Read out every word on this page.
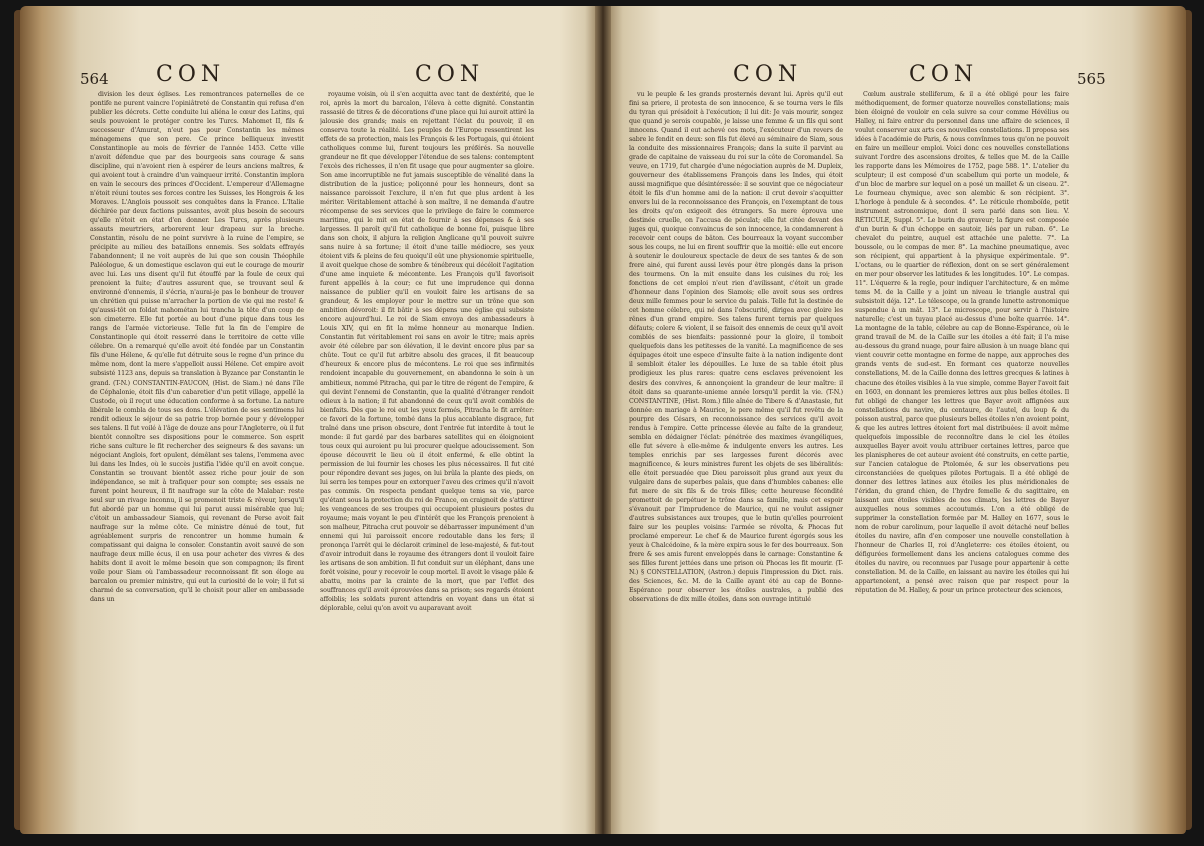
564 CON	CON

division les deux églises. Les remontrances paternelles de ce pontife ne purent vaincre l'opiniâtreté de Constantin qui refusa d'en publier les décrets. Cette conduite lui aliéna le cœur des Latins, qui seuls pouvoient le protéger contre les Turcs. Mahomet II, fils & successeur d'Amurat, n'eut pas pour Constantin les mêmes ménagemens que son pere. Ce prince belliqueux investit Constantinople au mois de février de l'année 1453. Cette ville n'avoit défendue que par des bourgeois sans courage & sans discipline, qui n'avoient rien à espérer de leurs anciens maîtres, & qui avoient tout à craindre d'un vainqueur irrité. Constantin implora en vain le secours des princes d'Occident. L'empereur d'Allemagne n'étoit réuni toutes ses forces contre les Suisses, les Hongrois & les Moraves. L'Anglois poussoit ses conquêtes dans la France. L'Italie déchirée par deux factions puissantes, avoit plus besoin de secours qu'elle n'étoit en état d'en donner. Les Turcs, après plusieurs assauts meurtriers, arborerent leur drapeau sur la breche. Constantin, résolu de ne point survivre à la ruine de l'empire, se précipite au milieu des bataillons ennemis. Ses soldats effrayés l'abandonnent; il ne voit auprès de lui que son cousin Théophile Paléologue, & un domestique esclavon qui eut le courage de mourir avec lui. Les uns disent qu'il fut étouffé par la foule de ceux qui prenoient la fuite; d'autres assurent que, se trouvant seul & environné d'ennemis, il s'écria, n'aurai-je pas le bonheur de trouver un chrétien qui puisse m'arracher la portion de vie qui me reste! & qu'aussi-tôt on foldat mahométan lui trancha la tête d'un coup de son cimeterre. Elle fut portée au bout d'une pique dans tous les rangs de l'armée victorieuse. Telle fut la fin de l'empire de Constantinople qui étoit resserré dans le territoire de cette ville célebre. On a remarqué qu'elle avoit été fondée par un Constantin fils d'une Hélene, & qu'elle fut détruite sous le regne d'un prince du même nom, dont la mere s'appelloit aussi Hélene. Cet empire avoit subsisté 1123 ans, depuis sa translation à Byzance par Constantin le grand. (T-N.) CONSTANTIN-FAUCON, (Hist. de Siam.) né dans l'île de Céphalonie, étoit fils d'un cabaretier d'un petit village, appellé la Custode, où il reçut une éducation conforme à sa fortune. La nature libérale le combla de tous ses dons. L'élévation de ses sentimens lui rendit odieux le séjour de sa patrie trop bornée pour y développer ses talens. Il fut voilé à l'âge de douze ans pour l'Angleterre, où il fut bientôt connoître ses dispositions pour le commerce. Son esprit riche sans culture le fit rechercher des seigneurs & des savans: un négociant Anglois, fort opulent, démêlant ses talens, l'emmena avec lui dans les Indes, où le succès justifia l'idée qu'il en avoit conçue. Constantin se trouvant bientôt assez riche pour jouir de son indépendance, se mit à trafiquer pour son compte; ses essais ne furent point heureux, il fit naufrage sur la côte de Malabar: reste seul sur un rivage inconnu, il se promenoit triste & rêveur, lorsqu'il fut abordé par un homme qui lui parut aussi misérable que lui; c'étoit un ambassadeur Siamois, qui revenant de Perse avoit fait naufrage sur la même côte. Ce ministre dénué de tout, fut agréablement surpris de rencontrer un homme humain & compatissant qui daigna le consoler. Constantin avoit sauvé de son naufrage deux mille écus, il en usa pour acheter des vivres & des habits dont il avoit le même besoin que son compagnon; ils firent voile pour Siam où l'ambassadeur reconnoissant fit son éloge au barcalon ou premier ministre, qui eut la curiosité de le voir; il fut si charmé de sa conversation, qu'il le choisit pour aller en ambassade dans un

royaume voisin, où il s'en acquitta avec tant de dextérité, que le roi, après la mort du barcalon, l'éleva à cette dignité. Constantin rassasié de titres & de décorations d'une place qui lui auroit attiré la jalousie des grands; mais en rejettant l'éclat du pouvoir, il en conserva toute la réalité. Les peuples de l'Europe ressentirent les effets de sa protection, mais les François & les Portugais, qui étoient catholiques comme lui, furent toujours les préférés. Sa nouvelle grandeur ne fit que développer l'étendue de ses talens: contemptent l'excès des richesses, il n'en fit usage que pour augmenter sa gloire. Son ame incorruptible ne fut jamais susceptible de vénalité dans la distribution de la justice; poliçonné pour les honneurs, dont sa naissance paroissoit l'exclure, il n'en fut que plus ardent à les mériter. Véritablement attaché à son maître, il ne demanda d'autre récompense de ses services que le privilege de faire le commerce maritime, qui le mit en état de fournir à ses dépenses & à ses largesses. Il paroît qu'il fut catholique de bonne foi, puisque libre dans son choix, il abjura la religion Anglicane qu'il pouvoit suivre sans nuire à sa fortune; il étoit d'une taille médiocre, ses yeux étoient vifs & pleins de feu quoiqu'il eût une physionomie spirituelle, il avoit quelque chose de sombre & ténébreux qui décéloit l'agitation d'une ame inquiete & mécontente. Les François qu'il favorisoit furent appellés à la cour; ce fut une imprudence qui donna naissance de publier qu'il en vouloit faire les artisans de sa grandeur, & les employer pour le mettre sur un trône que son ambition dévoroit: il fit bâtir à ses dépens une église qui subsiste encore aujourd'hui. Le roi de Siam envoya des ambassadeurs à Louis XIV, qui en fit la même honneur au monarque Indien. Constantin fut véritablement roi sans en avoir le titre; mais après avoir été célebre par son élévation, il le devint encore plus par sa chûte. Tout ce qu'il fut arbitre absolu des graces, il fit beaucoup d'heureux & encore plus de mécontens. Le roi que ses infirmités rendoient incapable du gouvernement, en abandonna le soin à un ambitieux, nommé Pitracha, qui par le titre de régent de l'empire, & qui devint l'ennemi de Constantin, que la qualité d'étranger rendoit odieux à la nation; il fut abandonné de ceux qu'il avoit comblés de bienfaits. Dès que le roi eut les yeux fermés, Pitracha le fit arrêter: ce favori de la fortune, tombé dans la plus accablante disgrace, fut traîné dans une prison obscure, dont l'entrée fut interdite à tout le monde: il fut gardé par des barbares satellites qui en éloignoient tous ceux qui auroient pu lui procurer quelque adoucissement. Son épouse découvrit le lieu où il étoit enfermé, & elle obtint la permission de lui fournir les choses les plus nécessaires. Il fut cité pour répondre devant ses juges, on lui brûla la plante des pieds, on lui serra les tempes pour en extorquer l'aveu des crimes qu'il n'avoit pas commis. On respecta pendant quelque tems sa vie, parce qu'étant sous la protection du roi de France, on craignoit de s'attirer les vengeances de ses troupes qui occupoient plusieurs postes du royaume; mais voyant le peu d'intérêt que les François prenoient à son malheur, Pitracha crut pouvoir se débarrasser impunément d'un ennemi qui lui paroissoit encore redoutable dans les fers; il prononça l'arrêt qui le déclaroit criminel de lese-majesté, & fut-tout d'avoir introduit dans le royaume des étrangers dont il vouloit faire les artisans de son ambition. Il fut conduit sur un éléphant, dans une forêt voisine, pour y recevoir le coup mortel. Il avoit le visage pâle & abattu, moins par la crainte de la mort, que par l'effet des souffrances qu'il avoit éprouvées dans sa prison; ses regards étoient affoiblis; les soldats purent attendris en voyant dans un état si déplorable, celui qu'on avoit vu auparavant avoit

CON	CON	565

vu le peuple & les grands prosternés devant lui. Après qu'il eut fini sa priere, il protesta de son innocence, & se tourna vers le fils du tyran qui présidoit à l'exécution; il lui dit: Je vais mourir, songez que quand je serois coupable, je laisse une femme & un fils qui sont innocens. Quand il eut achevé ces mots, l'exécuteur d'un revers de sabre le fendit en deux: son fils fut élevé au séminaire de Siam, sous la conduite des missionnaires François; dans la suite il parvint au grade de capitaine de vaisseau du roi sur la côte de Coromandel. Sa veuve, en 1719, fut chargée d'une négociation auprès de M. Dupleix, gouverneur des établissemens François dans les Indes, qui étoit aussi magnifique que désintéressée: il se souvint que ce négociateur étoit le fils d'un homme ami de la nation: il crut devoir s'acquitter envers lui de la reconnoissance des François, en l'exemptant de tous les droits qu'on exigeoit des étrangers. Sa mere éprouva une destinée cruelle, on l'accusa de péculat; elle fut citée devant des juges qui, quoique convaincus de son innocence, la condamnerent à recevoir cent coups de bâton. Ces bourreaux la voyant succomber sous les coups, ne lui en firent souffrir que la moitié: elle eut encore à soutenir le douloureux spectacle de deux de ses tantes & de son frere ainé, qui furent aussi levés pour être plongés dans la prison des tourmens. On la mit ensuite dans les cuisines du roi; les fonctions de cet emploi n'eut rien d'avilissant, c'étoit un grade d'honneur dans l'opinion des Siamois; elle avoit sous ses ordres deux mille femmes pour le service du palais. Telle fut la destinée de cet homme célebre, qui né dans l'obscurité, dirigea avec gloire les rênes d'un grand empire. Ses talens furent ternis par quelques défauts; colere & violent, il se faisoit des ennemis de ceux qu'il avoit comblés de ses bienfaits: passionné pour la gloire, il tomboit quelquefois dans les petitesses de la vanité. La magnificence de ses équipages étoit une espece d'insulte faite à la nation indigente dont il sembloit étaler les dépouilles. Le luxe de sa table étoit plus prodigieux les plus rares: quatre cens esclaves prévenoient les desirs des convives, & annonçoient la grandeur de leur maître: il étoit dans sa quarante-unieme année lorsqu'il perdit la vie. (T-N.) CONSTANTINE, (Hist. Rom.) fille aînée de Tibere & d'Anastasie, fut donnée en mariage à Maurice, le pere même qu'il fut revêtu de la pourpre des Césars, en reconnoissance des services qu'il avoit rendus à l'empire. Cette princesse élevée au faîte de la grandeur, sembla en dédaigner l'éclat: pénétrée des maximes évangéliques, elle fut sévere à elle-même & indulgente envers les autres. Les temples enrichis par ses largesses furent décorés avec magnificence, & leurs ministres furent les objets de ses libéralités: elle étoit persuadée que Dieu paroissoit plus grand aux yeux du vulgaire dans de superbes palais, que dans d'humbles cabanes: elle fut mere de six fils & de trois filles; cette heureuse fécondité promettoit de perpétuer le trône dans sa famille, mais cet espoir s'évanouit par l'imprudence de Maurice, qui ne voulut assigner d'autres subsistances aux troupes, que le butin qu'elles pourroient faire sur les peuples voisins: l'armée se révolta, & Phocas fut proclamé empereur. Le chef & de Maurice furent égorgés sous les yeux à Chalcédoine, & la mère expira sous le fer des bourreaux. Son frere & ses amis furent enveloppés dans le carnage: Constantine & ses filles furent jettées dans une prison où Phocas les fit mourir. (T-N.) § CONSTELLATION, (Astron.) depuis l'impression du Dict. rais. des Sciences, &c. M. de la Caille ayant été au cap de Bonne-Espérance pour observer les étoiles australes, a publié des observations de dix mille étoiles, dans son ouvrage intitulé

Cœlum australe stelliferum, & il a été obligé pour les faire méthodiquement, de former quatorze nouvelles constellations; mais bien éloigné de vouloir en cela suivre sa cour comme Hévélius ou Halley, ni faire entrer du personnel dans une affaire de sciences, il voulut conserver aux arts ces nouvelles constellations. Il proposa ses idées à l'académie de Paris, & nous convînmes tous qu'on ne pouvoit en faire un meilleur emploi. Voici donc ces nouvelles constellations suivant l'ordre des ascensions droites, & telles que M. de la Caille les rapporte dans les Mémoires de 1752, page 588. 1°. L'atelier du sculpteur; il est composé d'un scabellum qui porte un modele, & d'un bloc de marbre sur lequel on a posé un maillet & un ciseau. 2°. Le fourneau chymique, avec son alembic & son récipient. 3°. L'horloge à pendule & à secondes. 4°. Le réticule rhomboïde, petit instrument astronomique, dont il sera parlé dans son lieu. V. RÉTICULE, Suppl. 5°. Le burin du graveur; la figure est composée d'un burin & d'un échoppe en sautoir, liés par un ruban. 6°. Le chevalet du peintre, auquel est attachée une palette. 7°. La boussole, ou le compas de mer. 8°. La machine pneumatique, avec son récipient, qui appartient à la physique expérimentale. 9°. L'octans, ou le quartier de réflexion, dont on se sert généralement en mer pour observer les latitudes & les longitudes. 10°. Le compas. 11°. L'équerre & la regle, pour indiquer l'architecture, & en même tems M. de la Caille y a joint un niveau le triangle austral qui subsistoit déja. 12°. Le télescope, ou la grande lunette astronomique suspendue à un mât. 13°. Le microscope, pour servir à l'histoire naturelle; c'est un tuyau placé au-dessus d'une boîte quarrée. 14°. La montagne de la table, célebre au cap de Bonne-Espérance, où le grand travail de M. de la Caille sur les étoiles a été fait; il l'a mise au-dessous du grand nuage, pour faire allusion à un nuage blanc qui vient couvrir cette montagne en forme de nappe, aux approches des grands vents de sud-est. En formant ces quatorze nouvelles constellations, M. de la Caille donna des lettres grecques & latines à chacune des étoiles visibles à la vue simple, comme Bayer l'avoit fait en 1603, en donnant les premieres lettres aux plus belles étoiles. Il fut obligé de changer les lettres que Bayer avoit affignées aux constellations du navire, du centaure, de l'autel, du loup & du poisson austral, parce que plusieurs belles étoiles n'en avoient point, & que les autres lettres étoient fort mal distribuées: il avoit même quelquefois impossible de reconnoître dans le ciel les étoiles auxquelles Bayer avoit voulu attribuer certaines lettres, parce que les planispheres de cet auteur avoient été construits, en cette partie, sur l'ancien catalogue de Ptolomée, & sur les observations peu circonstanciées de quelques pilotes Portugais. Il a été obligé de donner des lettres latines aux étoiles les plus méridionales de l'éridan, du grand chien, de l'hydre femelle & du sagittaire, en laissant aux étoiles visibles de nos climats, les lettres de Bayer auxquelles nous sommes accoutumés. L'on a été obligé de supprimer la constellation formée par M. Halley en 1677, sous le nom de robur carolinum, pour laquelle il avoit détaché neuf belles étoiles du navire, afin d'en composer une nouvelle constellation à l'honneur de Charles II, roi d'Angleterre: ces étoiles étoient, ou défigurées formellement dans les anciens catalogues comme des étoiles du navire, ou reconnues par l'usage pour appartenir à cette constellation. M. de la Caille, en laissant au navire les étoiles qui lui appartenoient, a pensé avec raison que par respect pour la réputation de M. Halley, & pour un prince protecteur des sciences,
